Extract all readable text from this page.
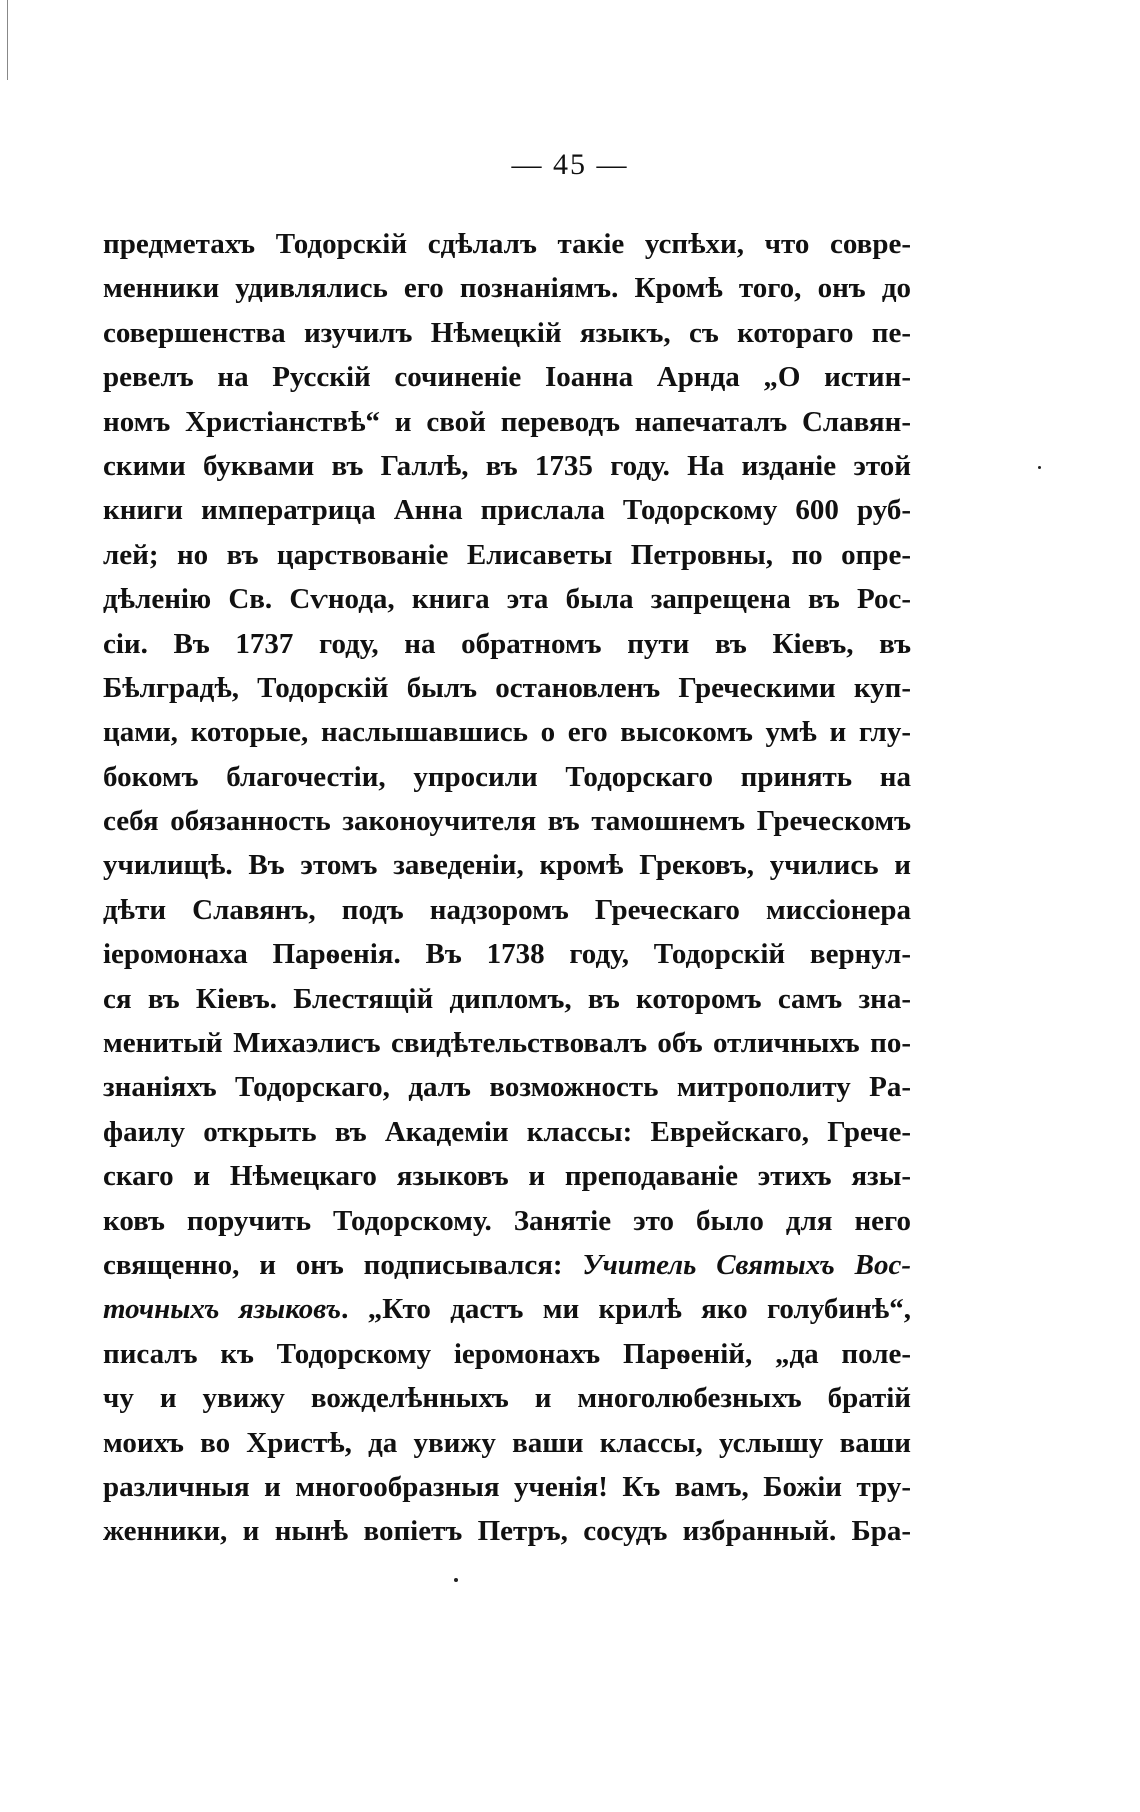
— 45 —
предметахъ Тодорскій сдѣлалъ такіе успѣхи, что совре-
менники удивлялись его познаніямъ. Кромѣ того, онъ до
совершенства изучилъ Нѣмецкій языкъ, съ котораго пе-
ревелъ на Русскій сочиненіе Іоанна Арнда „О истин-
номъ Христіанствѣ“ и свой переводъ напечаталъ Славян-
скими буквами въ Галлѣ, въ 1735 году. На изданіе этой
книги императрица Анна прислала Тодорскому 600 руб-
лей; но въ царствованіе Елисаветы Петровны, по опре-
дѣленію Св. Сѵнода, книга эта была запрещена въ Рос-
сіи. Въ 1737 году, на обратномъ пути въ Кіевъ, въ
Бѣлградѣ, Тодорскій былъ остановленъ Греческими куп-
цами, которые, наслышавшись о его высокомъ умѣ и глу-
бокомъ благочестіи, упросили Тодорскаго принять на
себя обязанность законоучителя въ тамошнемъ Греческомъ
училищѣ. Въ этомъ заведеніи, кромѣ Грековъ, учились и
дѣти Славянъ, подъ надзоромъ Греческаго миссіонера
іеромонаха Парѳенія. Въ 1738 году, Тодорскій вернул-
ся въ Кіевъ. Блестящій дипломъ, въ которомъ самъ зна-
менитый Михаэлисъ свидѣтельствовалъ объ отличныхъ по-
знаніяхъ Тодорскаго, далъ возможность митрополиту Ра-
фаилу открыть въ Академіи классы: Еврейскаго, Грече-
скаго и Нѣмецкаго языковъ и преподаваніе этихъ язы-
ковъ поручить Тодорскому. Занятіе это было для него
священно, и онъ подписывался: Учитель Святыхъ Вос-
точныхъ языковъ. „Кто дастъ ми крилѣ яко голубинѣ“,
писалъ къ Тодорскому іеромонахъ Парѳеній, „да поле-
чу и увижу вожделѣнныхъ и многолюбезныхъ братій
моихъ во Христѣ, да увижу ваши классы, услышу ваши
различныя и многообразныя ученія! Къ вамъ, Божіи тру-
женники, и нынѣ вопіетъ Петръ, сосудъ избранный. Бра-
